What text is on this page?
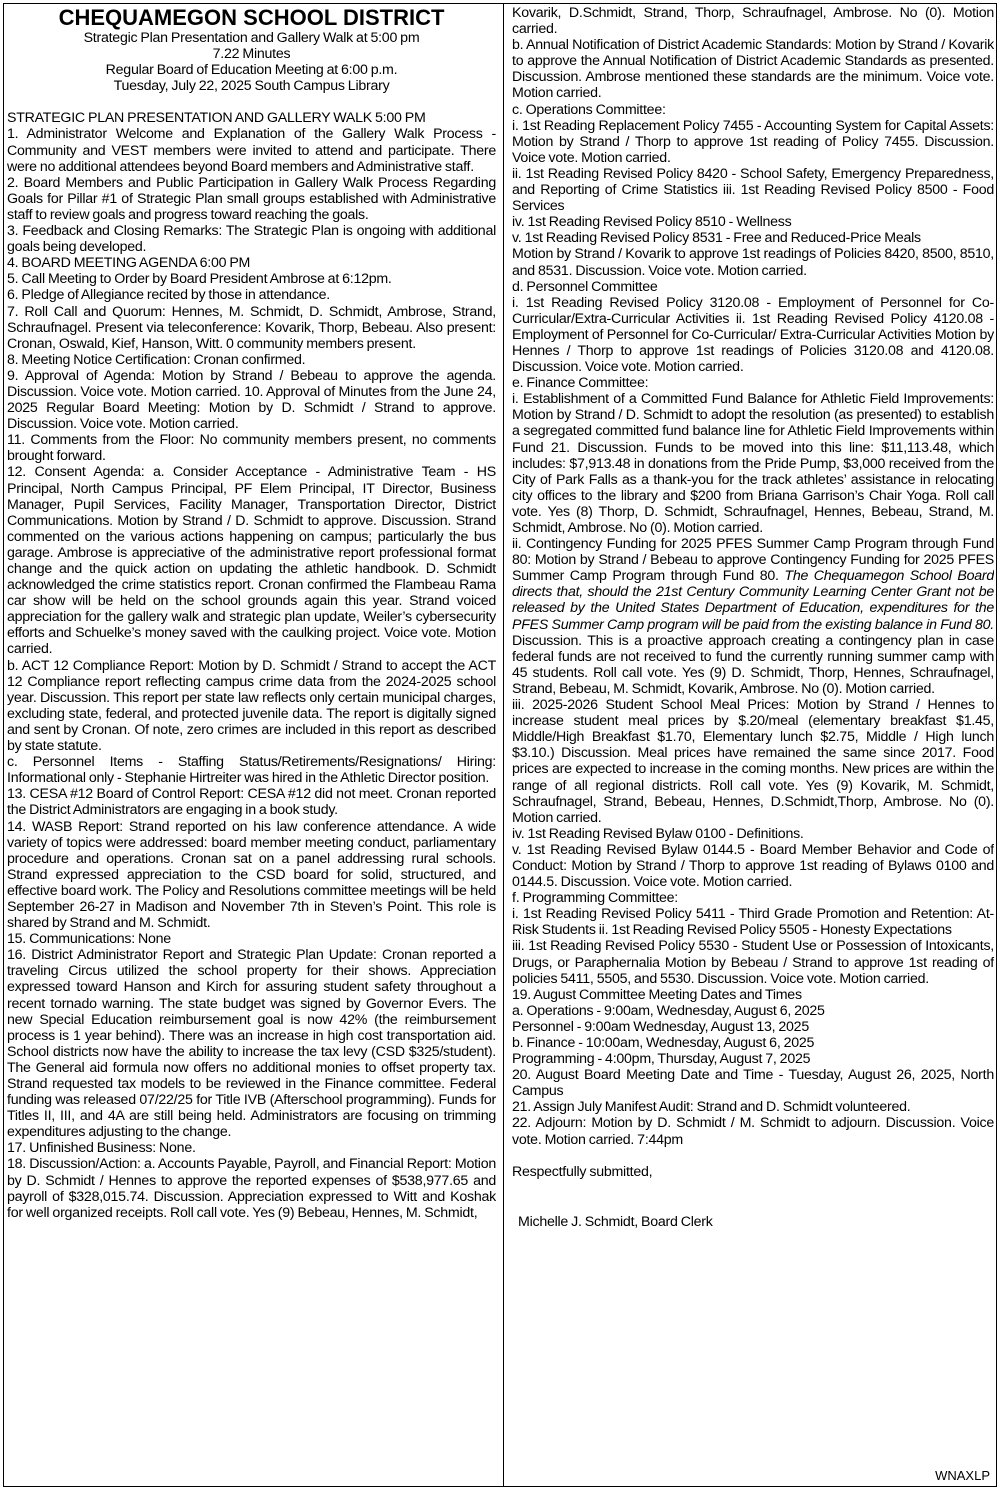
CHEQUAMEGON SCHOOL DISTRICT
Strategic Plan Presentation and Gallery Walk at 5:00 pm
7.22 Minutes
Regular Board of Education Meeting at 6:00 p.m.
Tuesday, July 22, 2025 South Campus Library

STRATEGIC PLAN PRESENTATION AND GALLERY WALK 5:00 PM

1. Administrator Welcome and Explanation of the Gallery Walk Process - Community and VEST members were invited to attend and participate. There were no additional attendees beyond Board members and Administrative staff.

2. Board Members and Public Participation in Gallery Walk Process Regarding Goals for Pillar #1 of Strategic Plan small groups established with Administrative staff to review goals and progress toward reaching the goals.

3. Feedback and Closing Remarks: The Strategic Plan is ongoing with additional goals being developed.

4. BOARD MEETING AGENDA 6:00 PM

5. Call Meeting to Order by Board President Ambrose at 6:12pm.

6. Pledge of Allegiance recited by those in attendance.

7. Roll Call and Quorum: Hennes, M. Schmidt, D. Schmidt, Ambrose, Strand, Schraufnagel. Present via teleconference: Kovarik, Thorp, Bebeau. Also present: Cronan, Oswald, Kief, Hanson, Witt. 0 community members present.

8. Meeting Notice Certification: Cronan confirmed.

9. Approval of Agenda: Motion by Strand / Bebeau to approve the agenda. Discussion. Voice vote. Motion carried. 10. Approval of Minutes from the June 24, 2025 Regular Board Meeting: Motion by D. Schmidt / Strand to approve. Discussion. Voice vote. Motion carried.

11. Comments from the Floor: No community members present, no comments brought forward.

12. Consent Agenda: a. Consider Acceptance - Administrative Team - HS Principal, North Campus Principal, PF Elem Principal, IT Director, Business Manager, Pupil Services, Facility Manager, Transportation Director, District Communications. Motion by Strand / D. Schmidt to approve. Discussion. Strand commented on the various actions happening on campus; particularly the bus garage. Ambrose is appreciative of the administrative report professional format change and the quick action on updating the athletic handbook. D. Schmidt acknowledged the crime statistics report. Cronan confirmed the Flambeau Rama car show will be held on the school grounds again this year. Strand voiced appreciation for the gallery walk and strategic plan update, Weiler’s cybersecurity efforts and Schuelke’s money saved with the caulking project. Voice vote. Motion carried.

b. ACT 12 Compliance Report: Motion by D. Schmidt / Strand to accept the ACT 12 Compliance report reflecting campus crime data from the 2024-2025 school year. Discussion. This report per state law reflects only certain municipal charges, excluding state, federal, and protected juvenile data. The report is digitally signed and sent by Cronan. Of note, zero crimes are included in this report as described by state statute.

c. Personnel Items - Staffing Status/Retirements/Resignations/ Hiring: Informational only - Stephanie Hirtreiter was hired in the Athletic Director position.

13. CESA #12 Board of Control Report: CESA #12 did not meet. Cronan reported the District Administrators are engaging in a book study.

14. WASB Report: Strand reported on his law conference attendance. A wide variety of topics were addressed: board member meeting conduct, parliamentary procedure and operations. Cronan sat on a panel addressing rural schools. Strand expressed appreciation to the CSD board for solid, structured, and effective board work. The Policy and Resolutions committee meetings will be held September 26-27 in Madison and November 7th in Steven’s Point. This role is shared by Strand and M. Schmidt.

15. Communications: None

16. District Administrator Report and Strategic Plan Update: Cronan reported a traveling Circus utilized the school property for their shows. Appreciation expressed toward Hanson and Kirch for assuring student safety throughout a recent tornado warning. The state budget was signed by Governor Evers. The new Special Education reimbursement goal is now 42% (the reimbursement process is 1 year behind). There was an increase in high cost transportation aid. School districts now have the ability to increase the tax levy (CSD $325/student). The General aid formula now offers no additional monies to offset property tax. Strand requested tax models to be reviewed in the Finance committee. Federal funding was released 07/22/25 for Title IVB (Afterschool programming). Funds for Titles II, III, and 4A are still being held. Administrators are focusing on trimming expenditures adjusting to the change.

17. Unfinished Business: None.

18. Discussion/Action: a. Accounts Payable, Payroll, and Financial Report: Motion by D. Schmidt / Hennes to approve the reported expenses of $538,977.65 and payroll of $328,015.74. Discussion. Appreciation expressed to Witt and Koshak for well organized receipts. Roll call vote. Yes (9) Bebeau, Hennes, M. Schmidt,

Kovarik, D.Schmidt, Strand, Thorp, Schraufnagel, Ambrose. No (0). Motion carried.

b. Annual Notification of District Academic Standards: Motion by Strand / Kovarik to approve the Annual Notification of District Academic Standards as presented. Discussion. Ambrose mentioned these standards are the minimum. Voice vote. Motion carried.

c. Operations Committee:

i. 1st Reading Replacement Policy 7455 - Accounting System for Capital Assets: Motion by Strand / Thorp to approve 1st reading of Policy 7455. Discussion. Voice vote. Motion carried.

ii. 1st Reading Revised Policy 8420 - School Safety, Emergency Preparedness, and Reporting of Crime Statistics iii. 1st Reading Revised Policy 8500 - Food Services

iv. 1st Reading Revised Policy 8510 - Wellness

v. 1st Reading Revised Policy 8531 - Free and Reduced-Price Meals

Motion by Strand / Kovarik to approve 1st readings of Policies 8420, 8500, 8510, and 8531. Discussion. Voice vote. Motion carried.

d. Personnel Committee

i. 1st Reading Revised Policy 3120.08 - Employment of Personnel for Co-Curricular/Extra-Curricular Activities ii. 1st Reading Revised Policy 4120.08 - Employment of Personnel for Co-Curricular/ Extra-Curricular Activities Motion by Hennes / Thorp to approve 1st readings of Policies 3120.08 and 4120.08. Discussion. Voice vote. Motion carried.

e. Finance Committee:

i. Establishment of a Committed Fund Balance for Athletic Field Improvements: Motion by Strand / D. Schmidt to adopt the resolution (as presented) to establish a segregated committed fund balance line for Athletic Field Improvements within Fund 21. Discussion. Funds to be moved into this line: $11,113.48, which includes: $7,913.48 in donations from the Pride Pump, $3,000 received from the City of Park Falls as a thank-you for the track athletes’ assistance in relocating city offices to the library and $200 from Briana Garrison’s Chair Yoga. Roll call vote. Yes (8) Thorp, D. Schmidt, Schraufnagel, Hennes, Bebeau, Strand, M. Schmidt, Ambrose. No (0). Motion carried.

ii. Contingency Funding for 2025 PFES Summer Camp Program through Fund 80: Motion by Strand / Bebeau to approve Contingency Funding for 2025 PFES Summer Camp Program through Fund 80. The Chequamegon School Board directs that, should the 21st Century Community Learning Center Grant not be released by the United States Department of Education, expenditures for the PFES Summer Camp program will be paid from the existing balance in Fund 80. Discussion. This is a proactive approach creating a contingency plan in case federal funds are not received to fund the currently running summer camp with 45 students. Roll call vote. Yes (9) D. Schmidt, Thorp, Hennes, Schraufnagel, Strand, Bebeau, M. Schmidt, Kovarik, Ambrose. No (0). Motion carried.

iii. 2025-2026 Student School Meal Prices: Motion by Strand / Hennes to increase student meal prices by $.20/meal (elementary breakfast $1.45, Middle/High Breakfast $1.70, Elementary lunch $2.75, Middle / High lunch $3.10.) Discussion. Meal prices have remained the same since 2017. Food prices are expected to increase in the coming months. New prices are within the range of all regional districts. Roll call vote. Yes (9) Kovarik, M. Schmidt, Schraufnagel, Strand, Bebeau, Hennes, D.Schmidt,Thorp, Ambrose. No (0). Motion carried.

iv. 1st Reading Revised Bylaw 0100 - Definitions.

v. 1st Reading Revised Bylaw 0144.5 - Board Member Behavior and Code of Conduct: Motion by Strand / Thorp to approve 1st reading of Bylaws 0100 and 0144.5. Discussion. Voice vote. Motion carried.

f. Programming Committee:

i. 1st Reading Revised Policy 5411 - Third Grade Promotion and Retention: At-Risk Students ii. 1st Reading Revised Policy 5505 - Honesty Expectations

iii. 1st Reading Revised Policy 5530 - Student Use or Possession of Intoxicants, Drugs, or Paraphernalia Motion by Bebeau / Strand to approve 1st reading of policies 5411, 5505, and 5530. Discussion. Voice vote. Motion carried.

19. August Committee Meeting Dates and Times

a. Operations - 9:00am, Wednesday, August 6, 2025

Personnel - 9:00am Wednesday, August 13, 2025

b. Finance - 10:00am, Wednesday, August 6, 2025

Programming - 4:00pm, Thursday, August 7, 2025

20. August Board Meeting Date and Time - Tuesday, August 26, 2025, North Campus

21. Assign July Manifest Audit: Strand and D. Schmidt volunteered.

22. Adjourn: Motion by D. Schmidt / M. Schmidt to adjourn. Discussion. Voice vote. Motion carried. 7:44pm

Respectfully submitted,

Michelle J. Schmidt, Board Clerk

WNAXLP
